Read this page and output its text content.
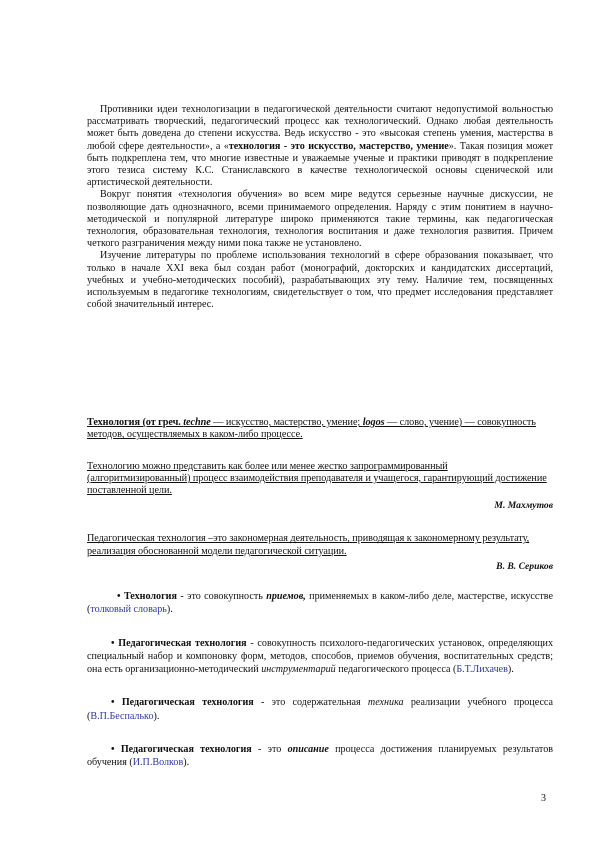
Противники идеи технологизации в педагогической деятельности считают недопустимой вольностью рассматривать творческий, педагогический процесс как технологический. Однако любая деятельность может быть доведена до степени искусства. Ведь искусство - это «высокая степень умения, мастерства в любой сфере деятельности», а «технология - это искусство, мастерство, умение». Такая позиция может быть подкреплена тем, что многие известные и уважаемые ученые и практики приводят в подкрепление этого тезиса систему К.С. Станиславского в качестве технологической основы сценической или артистической деятельности.

Вокруг понятия «технология обучения» во всем мире ведутся серьезные научные дискуссии, не позволяющие дать однозначного, всеми принимаемого определения. Наряду с этим понятием в научно-методической и популярной литературе широко применяются такие термины, как педагогическая технология, образовательная технология, технология воспитания и даже технология развития. Причем четкого разграничения между ними пока также не установлено.

Изучение литературы по проблеме использования технологий в сфере образования показывает, что только в начале XXI века был создан работ (монографий, докторских и кандидатских диссертаций, учебных и учебно-методических пособий), разрабатывающих эту тему. Наличие тем, посвященных используемым в педагогике технологиям, свидетельствует о том, что предмет исследования представляет собой значительный интерес.

Технология (от греч. techne — искусство, мастерство, умение; logos — слово, учение) — совокупность методов, осуществляемых в каком-либо процессе.

Технологию можно представить как более или менее жестко запрограммированный (алгоритмизированный) процесс взаимодействия преподавателя и учащегося, гарантирующий достижение поставленной цели.

М. Махмутов

Педагогическая технология –это закономерная деятельность, приводящая к закономерному результату, реализация обоснованной модели педагогической ситуации.

В. В. Сериков

• Технология - это совокупность приемов, применяемых в каком-либо деле, мастерстве, искусстве (толковый словарь).

• Педагогическая технология - совокупность психолого-педагогических установок, определяющих специальный набор и компоновку форм, методов, способов, приемов обучения, воспитательных средств; она есть организационно-методический инструментарий педагогического процесса (Б.Т.Лихачев).

• Педагогическая технология - это содержательная техника реализации учебного процесса (В.П.Беспалько).

• Педагогическая технология - это описание процесса достижения планируемых результатов обучения (И.П.Волков).

3
